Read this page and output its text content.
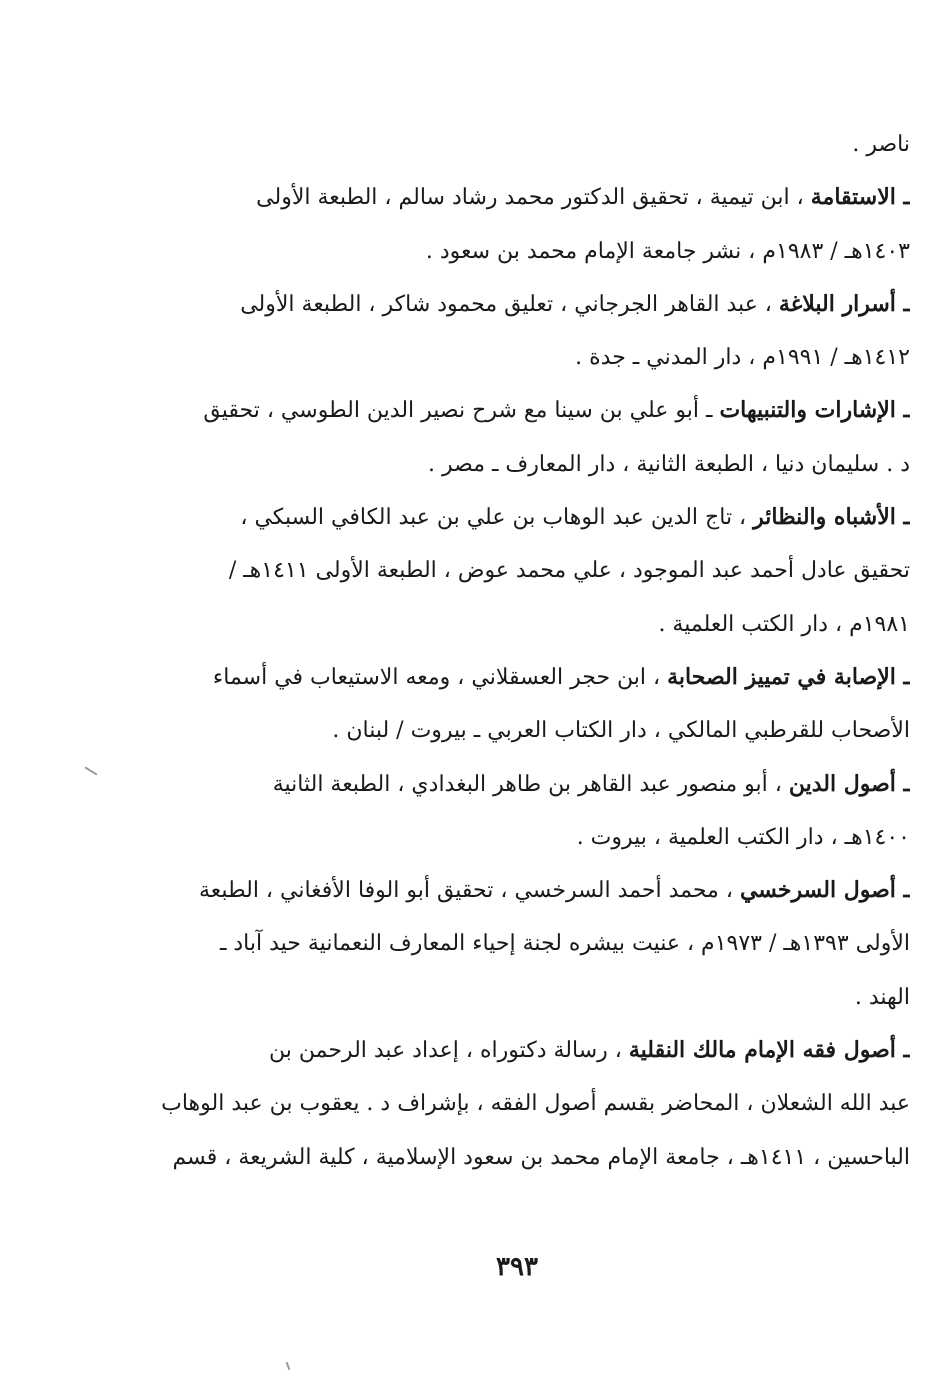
ناصر .
ـ الاستقامة ، ابن تيمية ، تحقيق الدكتور محمد رشاد سالم ، الطبعة الأولى
١٤٠٣هـ / ١٩٨٣م ، نشر جامعة الإمام محمد بن سعود .
ـ أسرار البلاغة ، عبد القاهر الجرجاني ، تعليق محمود شاكر ، الطبعة الأولى
١٤١٢هـ / ١٩٩١م ، دار المدني ـ جدة .
ـ الإشارات والتنبيهات ـ أبو علي بن سينا مع شرح نصير الدين الطوسي ، تحقيق
د . سليمان دنيا ، الطبعة الثانية ، دار المعارف ـ مصر .
ـ الأشباه والنظائر ، تاج الدين عبد الوهاب بن علي بن عبد الكافي السبكي ،
تحقيق عادل أحمد عبد الموجود ، علي محمد عوض ، الطبعة الأولى ١٤١١هـ /
١٩٨١م ، دار الكتب العلمية .
ـ الإصابة في تمييز الصحابة ، ابن حجر العسقلاني ، ومعه الاستيعاب في أسماء
الأصحاب للقرطبي المالكي ، دار الكتاب العربي ـ بيروت / لبنان .
ـ أصول الدين ، أبو منصور عبد القاهر بن طاهر البغدادي ، الطبعة الثانية
١٤٠٠هـ ، دار الكتب العلمية ، بيروت .
ـ أصول السرخسي ، محمد أحمد السرخسي ، تحقيق أبو الوفا الأفغاني ، الطبعة
الأولى ١٣٩٣هـ / ١٩٧٣م ، عنيت بيشره لجنة إحياء المعارف النعمانية حيد آباد ـ
الهند .
ـ أصول فقه الإمام مالك النقلية ، رسالة دكتوراه ، إعداد عبد الرحمن بن
عبد الله الشعلان ، المحاضر بقسم أصول الفقه ، بإشراف د . يعقوب بن عبد الوهاب
الباحسين ، ١٤١١هـ ، جامعة الإمام محمد بن سعود الإسلامية ، كلية الشريعة ، قسم
٣٩٣
